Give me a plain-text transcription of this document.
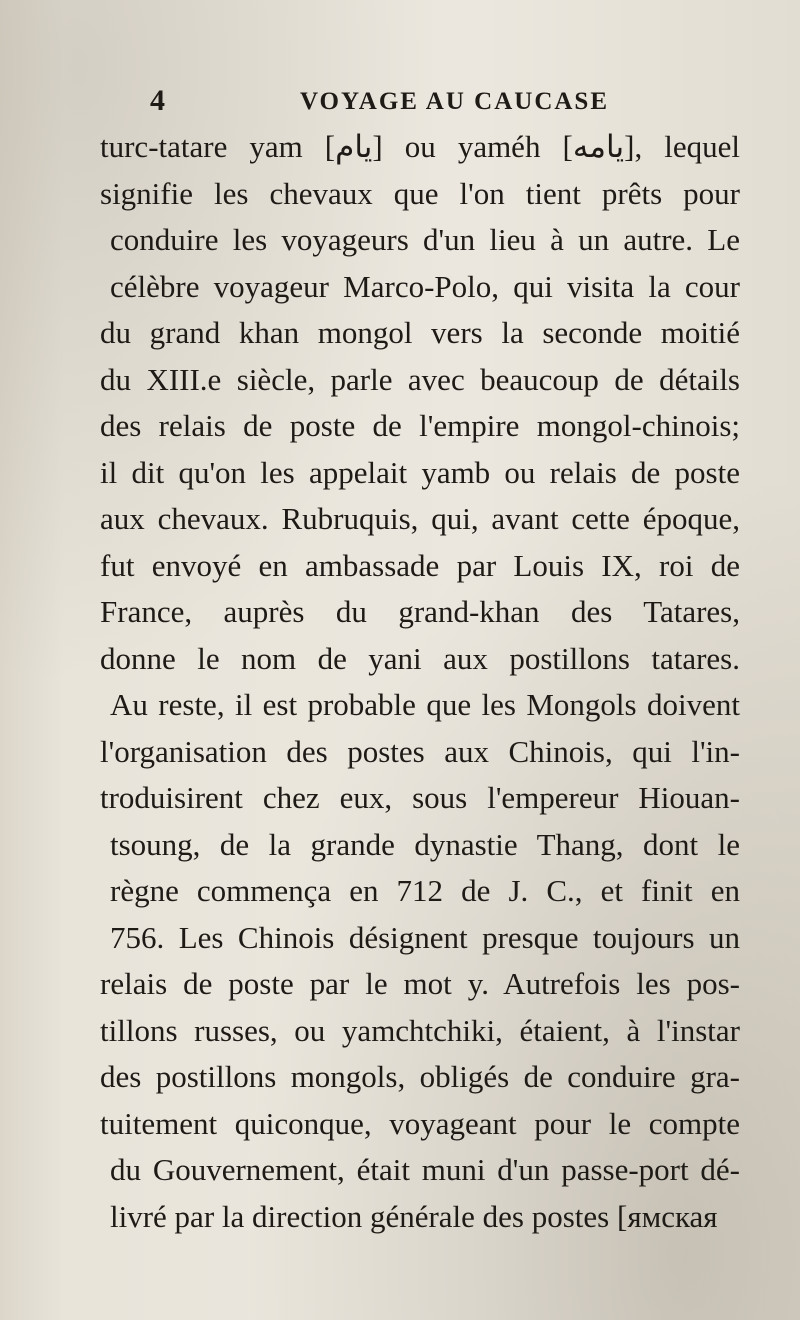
4	VOYAGE AU CAUCASE
turc-tatare yam [يام] ou yaméh [يامه], lequel
signifie les chevaux que l'on tient prêts pour
conduire les voyageurs d'un lieu à un autre. Le
célèbre voyageur Marco-Polo, qui visita la cour
du grand khan mongol vers la seconde moitié
du XIII.e siècle, parle avec beaucoup de détails
des relais de poste de l'empire mongol-chinois;
il dit qu'on les appelait yamb ou relais de poste
aux chevaux. Rubruquis, qui, avant cette époque,
fut envoyé en ambassade par Louis IX, roi de
France, auprès du grand-khan des Tatares,
donne le nom de yani aux postillons tatares.
Au reste, il est probable que les Mongols doivent
l'organisation des postes aux Chinois, qui l'in-
troduisirent chez eux, sous l'empereur Hiouan-
tsoung, de la grande dynastie Thang, dont le
règne commença en 712 de J. C., et finit en
756. Les Chinois désignent presque toujours un
relais de poste par le mot y. Autrefois les pos-
tillons russes, ou yamchtchiki, étaient, à l'instar
des postillons mongols, obligés de conduire gra-
tuitement quiconque, voyageant pour le compte
du Gouvernement, était muni d'un passe-port dé-
livré par la direction générale des postes [ямская
